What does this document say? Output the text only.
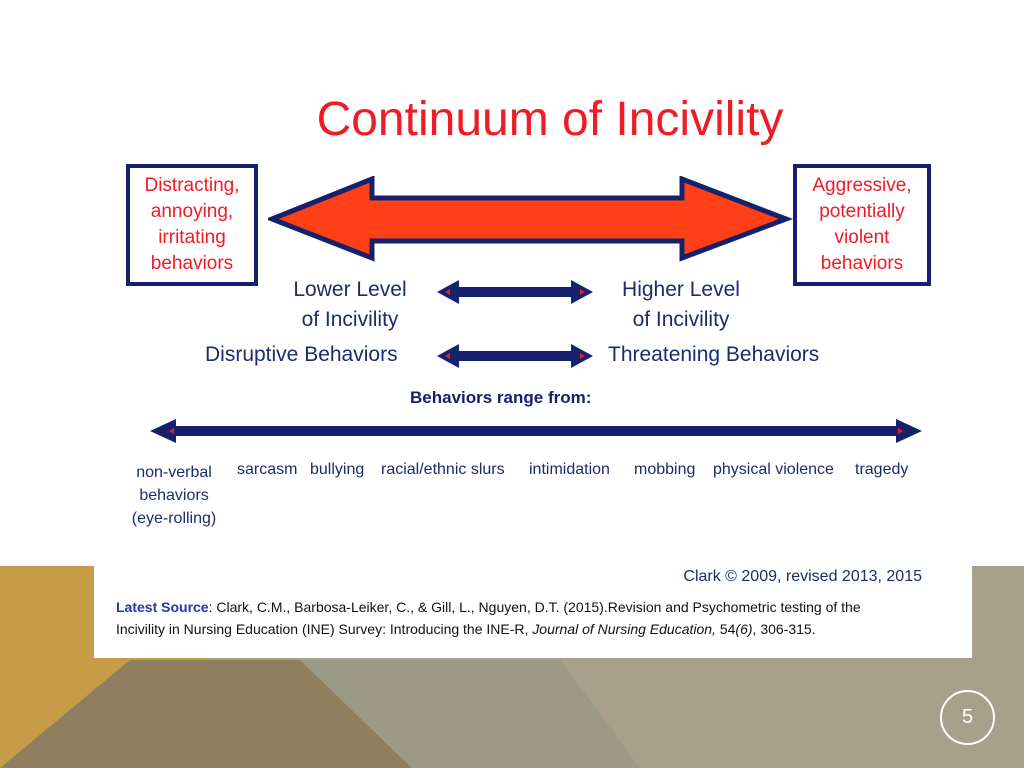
Continuum of Incivility
Distracting,
annoying,
irritating
behaviors
Aggressive,
potentially
violent
behaviors
Lower Level
of Incivility
Higher Level
of Incivility
Disruptive Behaviors	Threatening Behaviors
Behaviors range from:
non-verbal
behaviors
(eye-rolling)
sarcasm bullying racial/ethnic slurs intimidation mobbing physical violence tragedy
Clark © 2009, revised 2013, 2015
Latest Source: Clark, C.M., Barbosa-Leiker, C., & Gill, L., Nguyen, D.T. (2015).Revision and Psychometric testing of the
Incivility in Nursing Education (INE) Survey: Introducing the INE-R, Journal of Nursing Education, 54(6), 306-315.
5
